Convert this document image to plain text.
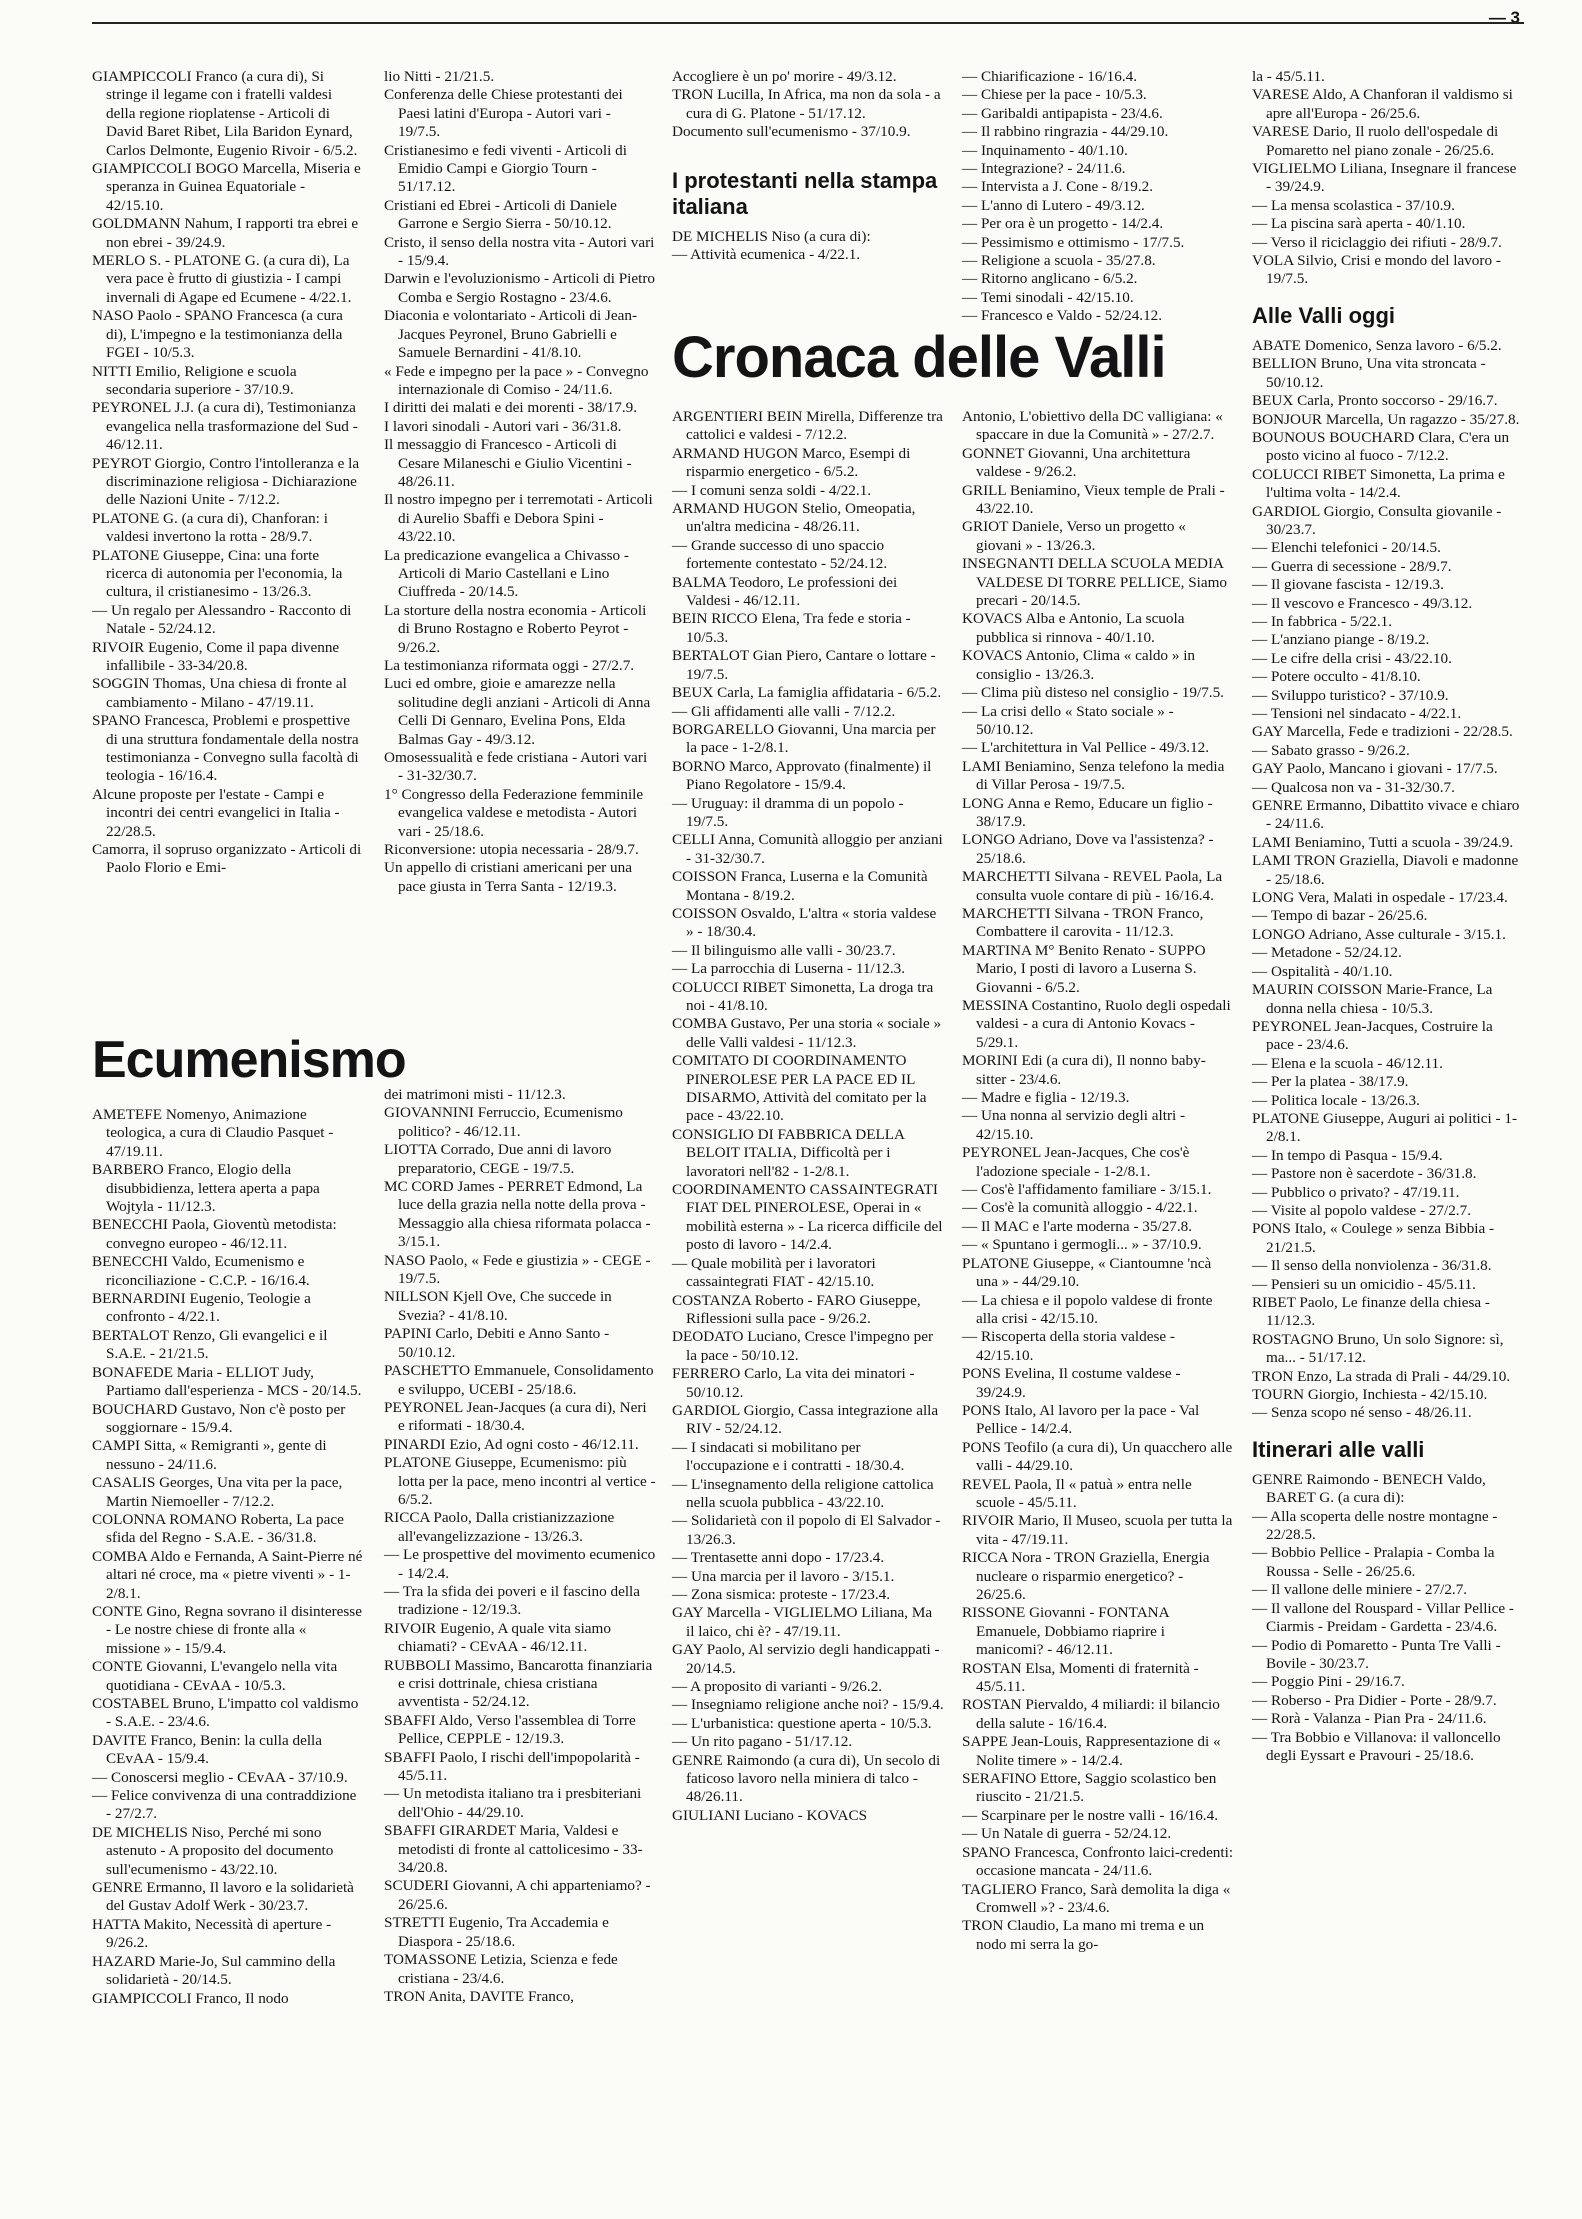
— 3

GIAMPICCOLI Franco (a cura di), Si stringe il legame con i fratelli valdesi della regione rioplatense - Articoli di David Baret Ribet, Lila Baridon Eynard, Carlos Delmonte, Eugenio Rivoir - 6/5.2.

GIAMPICCOLI BOGO Marcella, Miseria e speranza in Guinea Equatoriale - 42/15.10.

GOLDMANN Nahum, I rapporti tra ebrei e non ebrei - 39/24.9.

MERLO S. - PLATONE G. (a cura di), La vera pace è frutto di giustizia - I campi invernali di Agape ed Ecumene - 4/22.1.

NASO Paolo - SPANO Francesca (a cura di), L'impegno e la testimonianza della FGEI - 10/5.3.

NITTI Emilio, Religione e scuola secondaria superiore - 37/10.9.

PEYRONEL J.J. (a cura di), Testimonianza evangelica nella trasformazione del Sud - 46/12.11.

PEYROT Giorgio, Contro l'intolleranza e la discriminazione religiosa - Dichiarazione delle Nazioni Unite - 7/12.2.

PLATONE G. (a cura di), Chanforan: i valdesi invertono la rotta - 28/9.7.

PLATONE Giuseppe, Cina: una forte ricerca di autonomia per l'economia, la cultura, il cristianesimo - 13/26.3.

— Un regalo per Alessandro - Racconto di Natale - 52/24.12.

RIVOIR Eugenio, Come il papa divenne infallibile - 33-34/20.8.

SOGGIN Thomas, Una chiesa di fronte al cambiamento - Milano - 47/19.11.

SPANO Francesca, Problemi e prospettive di una struttura fondamentale della nostra testimonianza - Convegno sulla facoltà di teologia - 16/16.4.

Alcune proposte per l'estate - Campi e incontri dei centri evangelici in Italia - 22/28.5.

Camorra, il sopruso organizzato - Articoli di Paolo Florio e Emi-

lio Nitti - 21/21.5.

Conferenza delle Chiese protestanti dei Paesi latini d'Europa - Autori vari - 19/7.5.

Cristianesimo e fedi viventi - Articoli di Emidio Campi e Giorgio Tourn - 51/17.12.

Cristiani ed Ebrei - Articoli di Daniele Garrone e Sergio Sierra - 50/10.12.

Cristo, il senso della nostra vita - Autori vari - 15/9.4.

Darwin e l'evoluzionismo - Articoli di Pietro Comba e Sergio Rostagno - 23/4.6.

Diaconia e volontariato - Articoli di Jean-Jacques Peyronel, Bruno Gabrielli e Samuele Bernardini - 41/8.10.

« Fede e impegno per la pace » - Convegno internazionale di Comiso - 24/11.6.

I diritti dei malati e dei morenti - 38/17.9.

I lavori sinodali - Autori vari - 36/31.8.

Il messaggio di Francesco - Articoli di Cesare Milaneschi e Giulio Vicentini - 48/26.11.

Il nostro impegno per i terremotati - Articoli di Aurelio Sbaffi e Debora Spini - 43/22.10.

La predicazione evangelica a Chivasso - Articoli di Mario Castellani e Lino Ciuffreda - 20/14.5.

La storture della nostra economia - Articoli di Bruno Rostagno e Roberto Peyrot - 9/26.2.

La testimonianza riformata oggi - 27/2.7.

Luci ed ombre, gioie e amarezze nella solitudine degli anziani - Articoli di Anna Celli Di Gennaro, Evelina Pons, Elda Balmas Gay - 49/3.12.

Omosessualità e fede cristiana - Autori vari - 31-32/30.7.

1° Congresso della Federazione femminile evangelica valdese e metodista - Autori vari - 25/18.6.

Riconversione: utopia necessaria - 28/9.7.

Un appello di cristiani americani per una pace giusta in Terra Santa - 12/19.3.

Accogliere è un po' morire - 49/3.12.

TRON Lucilla, In Africa, ma non da sola - a cura di G. Platone - 51/17.12.

Documento sull'ecumenismo - 37/10.9.

I protestanti nella stampa italiana

DE MICHELIS Niso (a cura di):

— Attività ecumenica - 4/22.1.

— Chiarificazione - 16/16.4.

— Chiese per la pace - 10/5.3.

— Garibaldi antipapista - 23/4.6.

— Il rabbino ringrazia - 44/29.10.

— Inquinamento - 40/1.10.

— Integrazione? - 24/11.6.

— Intervista a J. Cone - 8/19.2.

— L'anno di Lutero - 49/3.12.

— Per ora è un progetto - 14/2.4.

— Pessimismo e ottimismo - 17/7.5.

— Religione a scuola - 35/27.8.

— Ritorno anglicano - 6/5.2.

— Temi sinodali - 42/15.10.

— Francesco e Valdo - 52/24.12.

la - 45/5.11.

VARESE Aldo, A Chanforan il valdismo si apre all'Europa - 26/25.6.

VARESE Dario, Il ruolo dell'ospedale di Pomaretto nel piano zonale - 26/25.6.

VIGLIELMO Liliana, Insegnare il francese - 39/24.9.

— La mensa scolastica - 37/10.9.

— La piscina sarà aperta - 40/1.10.

— Verso il riciclaggio dei rifiuti - 28/9.7.

VOLA Silvio, Crisi e mondo del lavoro - 19/7.5.

Alle Valli oggi

ABATE Domenico, Senza lavoro - 6/5.2.

BELLION Bruno, Una vita stroncata - 50/10.12.

BEUX Carla, Pronto soccorso - 29/16.7.

BONJOUR Marcella, Un ragazzo - 35/27.8.

BOUNOUS BOUCHARD Clara, C'era un posto vicino al fuoco - 7/12.2.

COLUCCI RIBET Simonetta, La prima e l'ultima volta - 14/2.4.

GARDIOL Giorgio, Consulta giovanile - 30/23.7.

— Elenchi telefonici - 20/14.5.

— Guerra di secessione - 28/9.7.

— Il giovane fascista - 12/19.3.

— Il vescovo e Francesco - 49/3.12.

— In fabbrica - 5/22.1.

— L'anziano piange - 8/19.2.

— Le cifre della crisi - 43/22.10.

— Potere occulto - 41/8.10.

— Sviluppo turistico? - 37/10.9.

— Tensioni nel sindacato - 4/22.1.

GAY Marcella, Fede e tradizioni - 22/28.5.

— Sabato grasso - 9/26.2.

GAY Paolo, Mancano i giovani - 17/7.5.

— Qualcosa non va - 31-32/30.7.

GENRE Ermanno, Dibattito vivace e chiaro - 24/11.6.

LAMI Beniamino, Tutti a scuola - 39/24.9.

LAMI TRON Graziella, Diavoli e madonne - 25/18.6.

LONG Vera, Malati in ospedale - 17/23.4.

— Tempo di bazar - 26/25.6.

LONGO Adriano, Asse culturale - 3/15.1.

— Metadone - 52/24.12.

— Ospitalità - 40/1.10.

MAURIN COISSON Marie-France, La donna nella chiesa - 10/5.3.

PEYRONEL Jean-Jacques, Costruire la pace - 23/4.6.

— Elena e la scuola - 46/12.11.

— Per la platea - 38/17.9.

— Politica locale - 13/26.3.

PLATONE Giuseppe, Auguri ai politici - 1-2/8.1.

— In tempo di Pasqua - 15/9.4.

— Pastore non è sacerdote - 36/31.8.

— Pubblico o privato? - 47/19.11.

— Visite al popolo valdese - 27/2.7.

PONS Italo, « Coulege » senza Bibbia - 21/21.5.

— Il senso della nonviolenza - 36/31.8.

— Pensieri su un omicidio - 45/5.11.

RIBET Paolo, Le finanze della chiesa - 11/12.3.

ROSTAGNO Bruno, Un solo Signore: sì, ma... - 51/17.12.

TRON Enzo, La strada di Prali - 44/29.10.

TOURN Giorgio, Inchiesta - 42/15.10.

— Senza scopo né senso - 48/26.11.

Itinerari alle valli

GENRE Raimondo - BENECH Valdo, BARET G. (a cura di):

— Alla scoperta delle nostre montagne - 22/28.5.

— Bobbio Pellice - Pralapia - Comba la Roussa - Selle - 26/25.6.

— Il vallone delle miniere - 27/2.7.

— Il vallone del Rouspard - Villar Pellice - Ciarmis - Preidam - Gardetta - 23/4.6.

— Podio di Pomaretto - Punta Tre Valli - Bovile - 30/23.7.

— Poggio Pini - 29/16.7.

— Roberso - Pra Didier - Porte - 28/9.7.

— Rorà - Valanza - Pian Pra - 24/11.6.

— Tra Bobbio e Villanova: il valloncello degli Eyssart e Pravouri - 25/18.6.

Cronaca delle Valli
Ecumenismo

AMETEFE Nomenyo, Animazione teologica, a cura di Claudio Pasquet - 47/19.11.

BARBERO Franco, Elogio della disubbidienza, lettera aperta a papa Wojtyla - 11/12.3.

BENECCHI Paola, Gioventù metodista: convegno europeo - 46/12.11.

BENECCHI Valdo, Ecumenismo e riconciliazione - C.C.P. - 16/16.4.

BERNARDINI Eugenio, Teologie a confronto - 4/22.1.

BERTALOT Renzo, Gli evangelici e il S.A.E. - 21/21.5.

BONAFEDE Maria - ELLIOT Judy, Partiamo dall'esperienza - MCS - 20/14.5.

BOUCHARD Gustavo, Non c'è posto per soggiornare - 15/9.4.

CAMPI Sitta, « Remigranti », gente di nessuno - 24/11.6.

CASALIS Georges, Una vita per la pace, Martin Niemoeller - 7/12.2.

COLONNA ROMANO Roberta, La pace sfida del Regno - S.A.E. - 36/31.8.

COMBA Aldo e Fernanda, A Saint-Pierre né altari né croce, ma « pietre viventi » - 1-2/8.1.

CONTE Gino, Regna sovrano il disinteresse - Le nostre chiese di fronte alla « missione » - 15/9.4.

CONTE Giovanni, L'evangelo nella vita quotidiana - CEvAA - 10/5.3.

COSTABEL Bruno, L'impatto col valdismo - S.A.E. - 23/4.6.

DAVITE Franco, Benin: la culla della CEvAA - 15/9.4.

— Conoscersi meglio - CEvAA - 37/10.9.

— Felice convivenza di una contraddizione - 27/2.7.

DE MICHELIS Niso, Perché mi sono astenuto - A proposito del documento sull'ecumenismo - 43/22.10.

GENRE Ermanno, Il lavoro e la solidarietà del Gustav Adolf Werk - 30/23.7.

HATTA Makito, Necessità di aperture - 9/26.2.

HAZARD Marie-Jo, Sul cammino della solidarietà - 20/14.5.

GIAMPICCOLI Franco, Il nodo

dei matrimoni misti - 11/12.3.

GIOVANNINI Ferruccio, Ecumenismo politico? - 46/12.11.

LIOTTA Corrado, Due anni di lavoro preparatorio, CEGE - 19/7.5.

MC CORD James - PERRET Edmond, La luce della grazia nella notte della prova - Messaggio alla chiesa riformata polacca - 3/15.1.

NASO Paolo, « Fede e giustizia » - CEGE - 19/7.5.

NILLSON Kjell Ove, Che succede in Svezia? - 41/8.10.

PAPINI Carlo, Debiti e Anno Santo - 50/10.12.

PASCHETTO Emmanuele, Consolidamento e sviluppo, UCEBI - 25/18.6.

PEYRONEL Jean-Jacques (a cura di), Neri e riformati - 18/30.4.

PINARDI Ezio, Ad ogni costo - 46/12.11.

PLATONE Giuseppe, Ecumenismo: più lotta per la pace, meno incontri al vertice - 6/5.2.

RICCA Paolo, Dalla cristianizzazione all'evangelizzazione - 13/26.3.

— Le prospettive del movimento ecumenico - 14/2.4.

— Tra la sfida dei poveri e il fascino della tradizione - 12/19.3.

RIVOIR Eugenio, A quale vita siamo chiamati? - CEvAA - 46/12.11.

RUBBOLI Massimo, Bancarotta finanziaria e crisi dottrinale, chiesa cristiana avventista - 52/24.12.

SBAFFI Aldo, Verso l'assemblea di Torre Pellice, CEPPLE - 12/19.3.

SBAFFI Paolo, I rischi dell'impopolarità - 45/5.11.

— Un metodista italiano tra i presbiteriani dell'Ohio - 44/29.10.

SBAFFI GIRARDET Maria, Valdesi e metodisti di fronte al cattolicesimo - 33-34/20.8.

SCUDERI Giovanni, A chi apparteniamo? - 26/25.6.

STRETTI Eugenio, Tra Accademia e Diaspora - 25/18.6.

TOMASSONE Letizia, Scienza e fede cristiana - 23/4.6.

TRON Anita, DAVITE Franco,

ARGENTIERI BEIN Mirella, Differenze tra cattolici e valdesi - 7/12.2.

ARMAND HUGON Marco, Esempi di risparmio energetico - 6/5.2.

— I comuni senza soldi - 4/22.1.

ARMAND HUGON Stelio, Omeopatia, un'altra medicina - 48/26.11.

— Grande successo di uno spaccio fortemente contestato - 52/24.12.

BALMA Teodoro, Le professioni dei Valdesi - 46/12.11.

BEIN RICCO Elena, Tra fede e storia - 10/5.3.

BERTALOT Gian Piero, Cantare o lottare - 19/7.5.

BEUX Carla, La famiglia affidataria - 6/5.2.

— Gli affidamenti alle valli - 7/12.2.

BORGARELLO Giovanni, Una marcia per la pace - 1-2/8.1.

BORNO Marco, Approvato (finalmente) il Piano Regolatore - 15/9.4.

— Uruguay: il dramma di un popolo - 19/7.5.

CELLI Anna, Comunità alloggio per anziani - 31-32/30.7.

COISSON Franca, Luserna e la Comunità Montana - 8/19.2.

COISSON Osvaldo, L'altra « storia valdese » - 18/30.4.

— Il bilinguismo alle valli - 30/23.7.

— La parrocchia di Luserna - 11/12.3.

COLUCCI RIBET Simonetta, La droga tra noi - 41/8.10.

COMBA Gustavo, Per una storia « sociale » delle Valli valdesi - 11/12.3.

COMITATO DI COORDINAMENTO PINEROLESE PER LA PACE ED IL DISARMO, Attività del comitato per la pace - 43/22.10.

CONSIGLIO DI FABBRICA DELLA BELOIT ITALIA, Difficoltà per i lavoratori nell'82 - 1-2/8.1.

COORDINAMENTO CASSAINTEGRATI FIAT DEL PINEROLESE, Operai in « mobilità esterna » - La ricerca difficile del posto di lavoro - 14/2.4.

— Quale mobilità per i lavoratori cassaintegrati FIAT - 42/15.10.

COSTANZA Roberto - FARO Giuseppe, Riflessioni sulla pace - 9/26.2.

DEODATO Luciano, Cresce l'impegno per la pace - 50/10.12.

FERRERO Carlo, La vita dei minatori - 50/10.12.

GARDIOL Giorgio, Cassa integrazione alla RIV - 52/24.12.

— I sindacati si mobilitano per l'occupazione e i contratti - 18/30.4.

— L'insegnamento della religione cattolica nella scuola pubblica - 43/22.10.

— Solidarietà con il popolo di El Salvador - 13/26.3.

— Trentasette anni dopo - 17/23.4.

— Una marcia per il lavoro - 3/15.1.

— Zona sismica: proteste - 17/23.4.

GAY Marcella - VIGLIELMO Liliana, Ma il laico, chi è? - 47/19.11.

GAY Paolo, Al servizio degli handicappati - 20/14.5.

— A proposito di varianti - 9/26.2.

— Insegniamo religione anche noi? - 15/9.4.

— L'urbanistica: questione aperta - 10/5.3.

— Un rito pagano - 51/17.12.

GENRE Raimondo (a cura di), Un secolo di faticoso lavoro nella miniera di talco - 48/26.11.

GIULIANI Luciano - KOVACS

Antonio, L'obiettivo della DC valligiana: « spaccare in due la Comunità » - 27/2.7.

GONNET Giovanni, Una architettura valdese - 9/26.2.

GRILL Beniamino, Vieux temple de Prali - 43/22.10.

GRIOT Daniele, Verso un progetto « giovani » - 13/26.3.

INSEGNANTI DELLA SCUOLA MEDIA VALDESE DI TORRE PELLICE, Siamo precari - 20/14.5.

KOVACS Alba e Antonio, La scuola pubblica si rinnova - 40/1.10.

KOVACS Antonio, Clima « caldo » in consiglio - 13/26.3.

— Clima più disteso nel consiglio - 19/7.5.

— La crisi dello « Stato sociale » - 50/10.12.

— L'architettura in Val Pellice - 49/3.12.

LAMI Beniamino, Senza telefono la media di Villar Perosa - 19/7.5.

LONG Anna e Remo, Educare un figlio - 38/17.9.

LONGO Adriano, Dove va l'assistenza? - 25/18.6.

MARCHETTI Silvana - REVEL Paola, La consulta vuole contare di più - 16/16.4.

MARCHETTI Silvana - TRON Franco, Combattere il carovita - 11/12.3.

MARTINA M° Benito Renato - SUPPO Mario, I posti di lavoro a Luserna S. Giovanni - 6/5.2.

MESSINA Costantino, Ruolo degli ospedali valdesi - a cura di Antonio Kovacs - 5/29.1.

MORINI Edi (a cura di), Il nonno baby-sitter - 23/4.6.

— Madre e figlia - 12/19.3.

— Una nonna al servizio degli altri - 42/15.10.

PEYRONEL Jean-Jacques, Che cos'è l'adozione speciale - 1-2/8.1.

— Cos'è l'affidamento familiare - 3/15.1.

— Cos'è la comunità alloggio - 4/22.1.

— Il MAC e l'arte moderna - 35/27.8.

— « Spuntano i germogli... » - 37/10.9.

PLATONE Giuseppe, « Ciantoumne 'ncà una » - 44/29.10.

— La chiesa e il popolo valdese di fronte alla crisi - 42/15.10.

— Riscoperta della storia valdese - 42/15.10.

PONS Evelina, Il costume valdese - 39/24.9.

PONS Italo, Al lavoro per la pace - Val Pellice - 14/2.4.

PONS Teofilo (a cura di), Un quacchero alle valli - 44/29.10.

REVEL Paola, Il « patuà » entra nelle scuole - 45/5.11.

RIVOIR Mario, Il Museo, scuola per tutta la vita - 47/19.11.

RICCA Nora - TRON Graziella, Energia nucleare o risparmio energetico? - 26/25.6.

RISSONE Giovanni - FONTANA Emanuele, Dobbiamo riaprire i manicomi? - 46/12.11.

ROSTAN Elsa, Momenti di fraternità - 45/5.11.

ROSTAN Piervaldo, 4 miliardi: il bilancio della salute - 16/16.4.

SAPPE Jean-Louis, Rappresentazione di « Nolite timere » - 14/2.4.

SERAFINO Ettore, Saggio scolastico ben riuscito - 21/21.5.

— Scarpinare per le nostre valli - 16/16.4.

— Un Natale di guerra - 52/24.12.

SPANO Francesca, Confronto laici-credenti: occasione mancata - 24/11.6.

TAGLIERO Franco, Sarà demolita la diga « Cromwell »? - 23/4.6.

TRON Claudio, La mano mi trema e un nodo mi serra la go-
